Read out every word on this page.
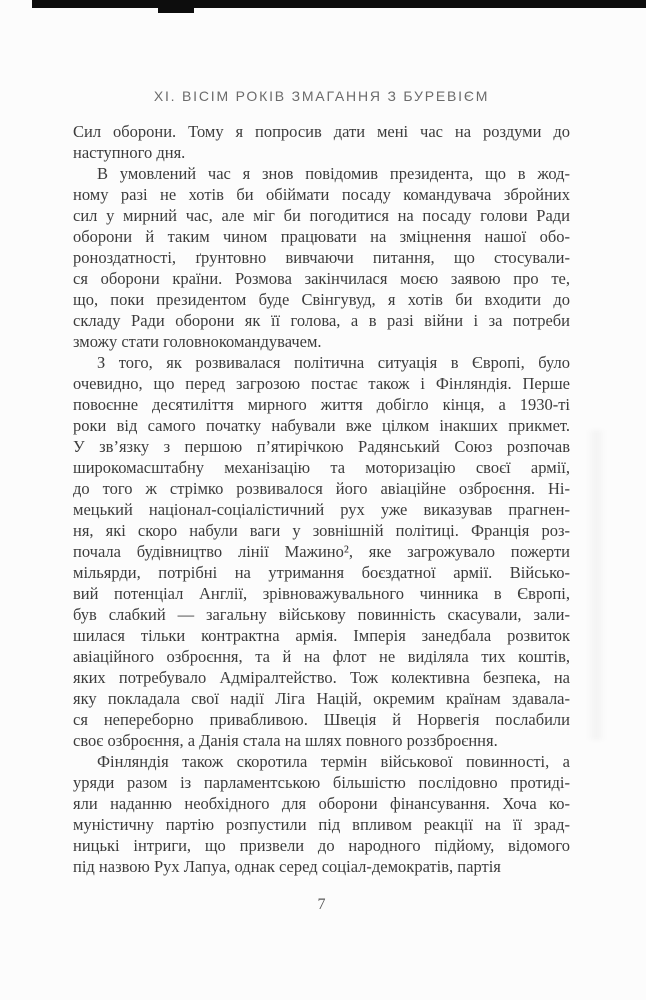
XI. ВІСІМ РОКІВ ЗМАГАННЯ З БУРЕВІЄМ
Сил оборони. Тому я попросив дати мені час на роздуми до
наступного дня.
В умовлений час я знов повідомив президента, що в жод-
ному разі не хотів би обіймати посаду командувача збройних
сил у мирний час, але міг би погодитися на посаду голови Ради
оборони й таким чином працювати на зміцнення нашої обо-
роноздатності, ґрунтовно вивчаючи питання, що стосували-
ся оборони країни. Розмова закінчилася моєю заявою про те,
що, поки президентом буде Свінгувуд, я хотів би входити до
складу Ради оборони як її голова, а в разі війни і за потреби
зможу стати головнокомандувачем.
З того, як розвивалася політична ситуація в Європі, було
очевидно, що перед загрозою постає також і Фінляндія. Перше
повоєнне десятиліття мирного життя добігло кінця, а 1930-ті
роки від самого початку набували вже цілком інакших прикмет.
У зв’язку з першою п’ятирічкою Радянський Союз розпочав
широкомасштабну механізацію та моторизацію своєї армії,
до того ж стрімко розвивалося його авіаційне озброєння. Ні-
мецький націонал-соціалістичний рух уже виказував прагнен-
ня, які скоро набули ваги у зовнішній політиці. Франція роз-
почала будівництво лінії Мажино², яке загрожувало пожерти
мільярди, потрібні на утримання боєздатної армії. Військо-
вий потенціал Англії, зрівноважувального чинника в Європі,
був слабкий — загальну військову повинність скасували, зали-
шилася тільки контрактна армія. Імперія занедбала розвиток
авіаційного озброєння, та й на флот не виділяла тих коштів,
яких потребувало Адміралтейство. Тож колективна безпека, на
яку покладала свої надії Ліга Націй, окремим країнам здавала-
ся непереборно привабливою. Швеція й Норвегія послабили
своє озброєння, а Данія стала на шлях повного роззброєння.
Фінляндія також скоротила термін військової повинності, а
уряди разом із парламентською більшістю послідовно протиді-
яли наданню необхідного для оборони фінансування. Хоча ко-
муністичну партію розпустили під впливом реакції на її зрад-
ницькі інтриги, що призвели до народного підйому, відомого
під назвою Рух Лапуа, однак серед соціал-демократів, партія
7
